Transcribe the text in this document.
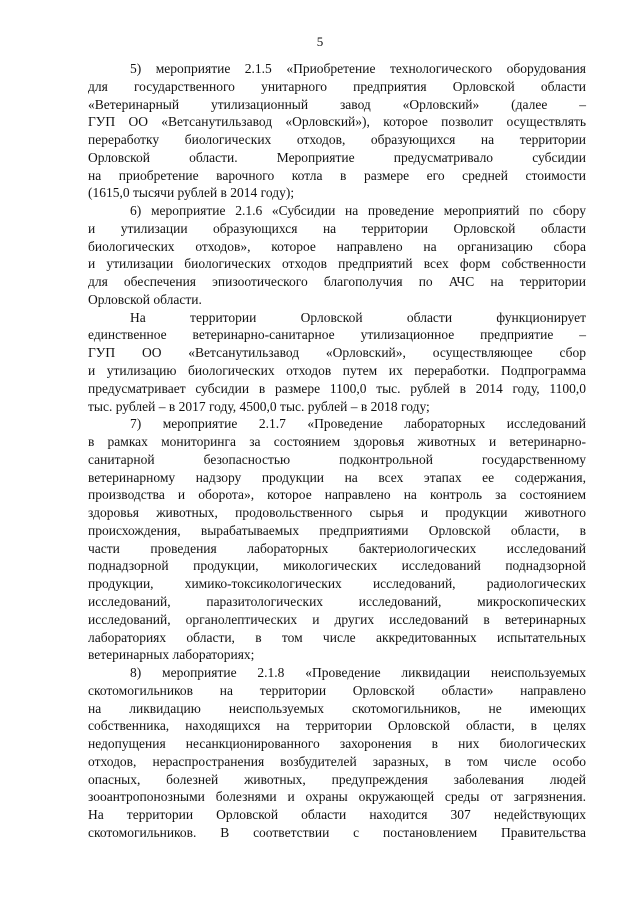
5
5) мероприятие 2.1.5 «Приобретение технологического оборудования
для государственного унитарного предприятия Орловской области
«Ветеринарный утилизационный завод «Орловский» (далее –
ГУП ОО «Ветсанутильзавод «Орловский»), которое позволит осуществлять
переработку биологических отходов, образующихся на территории
Орловской области. Мероприятие предусматривало субсидии
на приобретение варочного котла в размере его средней стоимости
(1615,0 тысячи рублей в 2014 году);
6) мероприятие 2.1.6 «Субсидии на проведение мероприятий по сбору
и утилизации образующихся на территории Орловской области
биологических отходов», которое направлено на организацию сбора
и утилизации биологических отходов предприятий всех форм собственности
для обеспечения эпизоотического благополучия по АЧС на территории
Орловской области.
На территории Орловской области функционирует
единственное ветеринарно-санитарное утилизационное предприятие –
ГУП ОО «Ветсанутильзавод «Орловский», осуществляющее сбор
и утилизацию биологических отходов путем их переработки. Подпрограмма
предусматривает субсидии в размере 1100,0 тыс. рублей в 2014 году, 1100,0
тыс. рублей – в 2017 году, 4500,0 тыс. рублей – в 2018 году;
7) мероприятие 2.1.7 «Проведение лабораторных исследований
в рамках мониторинга за состоянием здоровья животных и ветеринарно-
санитарной безопасностью подконтрольной государственному
ветеринарному надзору продукции на всех этапах ее содержания,
производства и оборота», которое направлено на контроль за состоянием
здоровья животных, продовольственного сырья и продукции животного
происхождения, вырабатываемых предприятиями Орловской области, в
части проведения лабораторных бактериологических исследований
поднадзорной продукции, микологических исследований поднадзорной
продукции, химико-токсикологических исследований, радиологических
исследований, паразитологических исследований, микроскопических
исследований, органолептических и других исследований в ветеринарных
лабораториях области, в том числе аккредитованных испытательных
ветеринарных лабораториях;
8) мероприятие 2.1.8 «Проведение ликвидации неиспользуемых
скотомогильников на территории Орловской области» направлено
на ликвидацию неиспользуемых скотомогильников, не имеющих
собственника, находящихся на территории Орловской области, в целях
недопущения несанкционированного захоронения в них биологических
отходов, нераспространения возбудителей заразных, в том числе особо
опасных, болезней животных, предупреждения заболевания людей
зооантропонозными болезнями и охраны окружающей среды от загрязнения.
На территории Орловской области находится 307 недействующих
скотомогильников. В соответствии с постановлением Правительства
